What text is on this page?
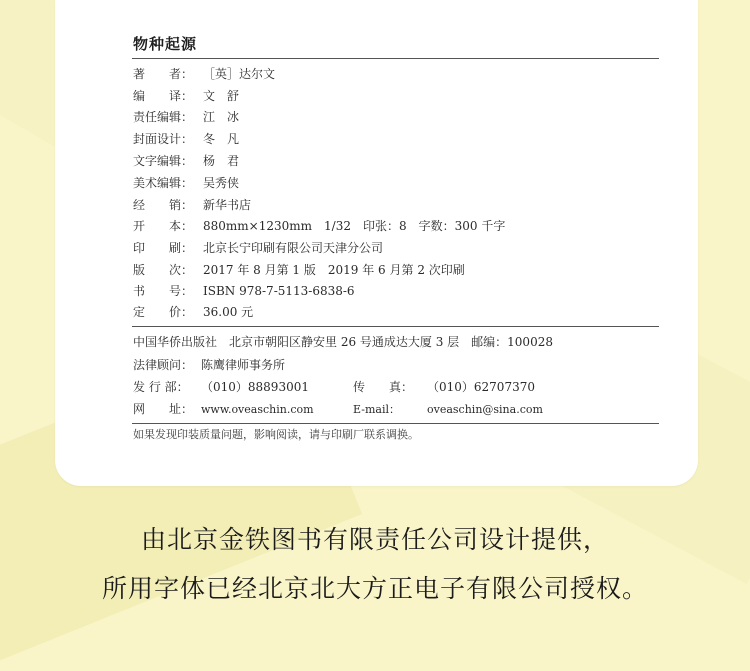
物种起源
著　　者： ［英］达尔文
编　　译： 文　舒
责任编辑： 江　冰
封面设计： 冬　凡
文字编辑： 杨　君
美术编辑： 吴秀侠
经　　销： 新华书店
开　　本： 880mm×1230mm　1/32　印张：8　字数：300 千字
印　　刷： 北京长宁印刷有限公司天津分公司
版　　次： 2017 年 8 月第 1 版　2019 年 6 月第 2 次印刷
书　　号： ISBN 978-7-5113-6838-6
定　　价： 36.00 元
中国华侨出版社　北京市朝阳区静安里 26 号通成达大厦 3 层　邮编：100028
法律顾问： 陈鹰律师事务所
发 行 部： （010）88893001	传　　真： （010）62707370
网　　址： www.oveaschin.com	E-mail： oveaschin@sina.com
如果发现印装质量问题，影响阅读，请与印刷厂联系调换。
由北京金铁图书有限责任公司设计提供，
所用字体已经北京北大方正电子有限公司授权。
